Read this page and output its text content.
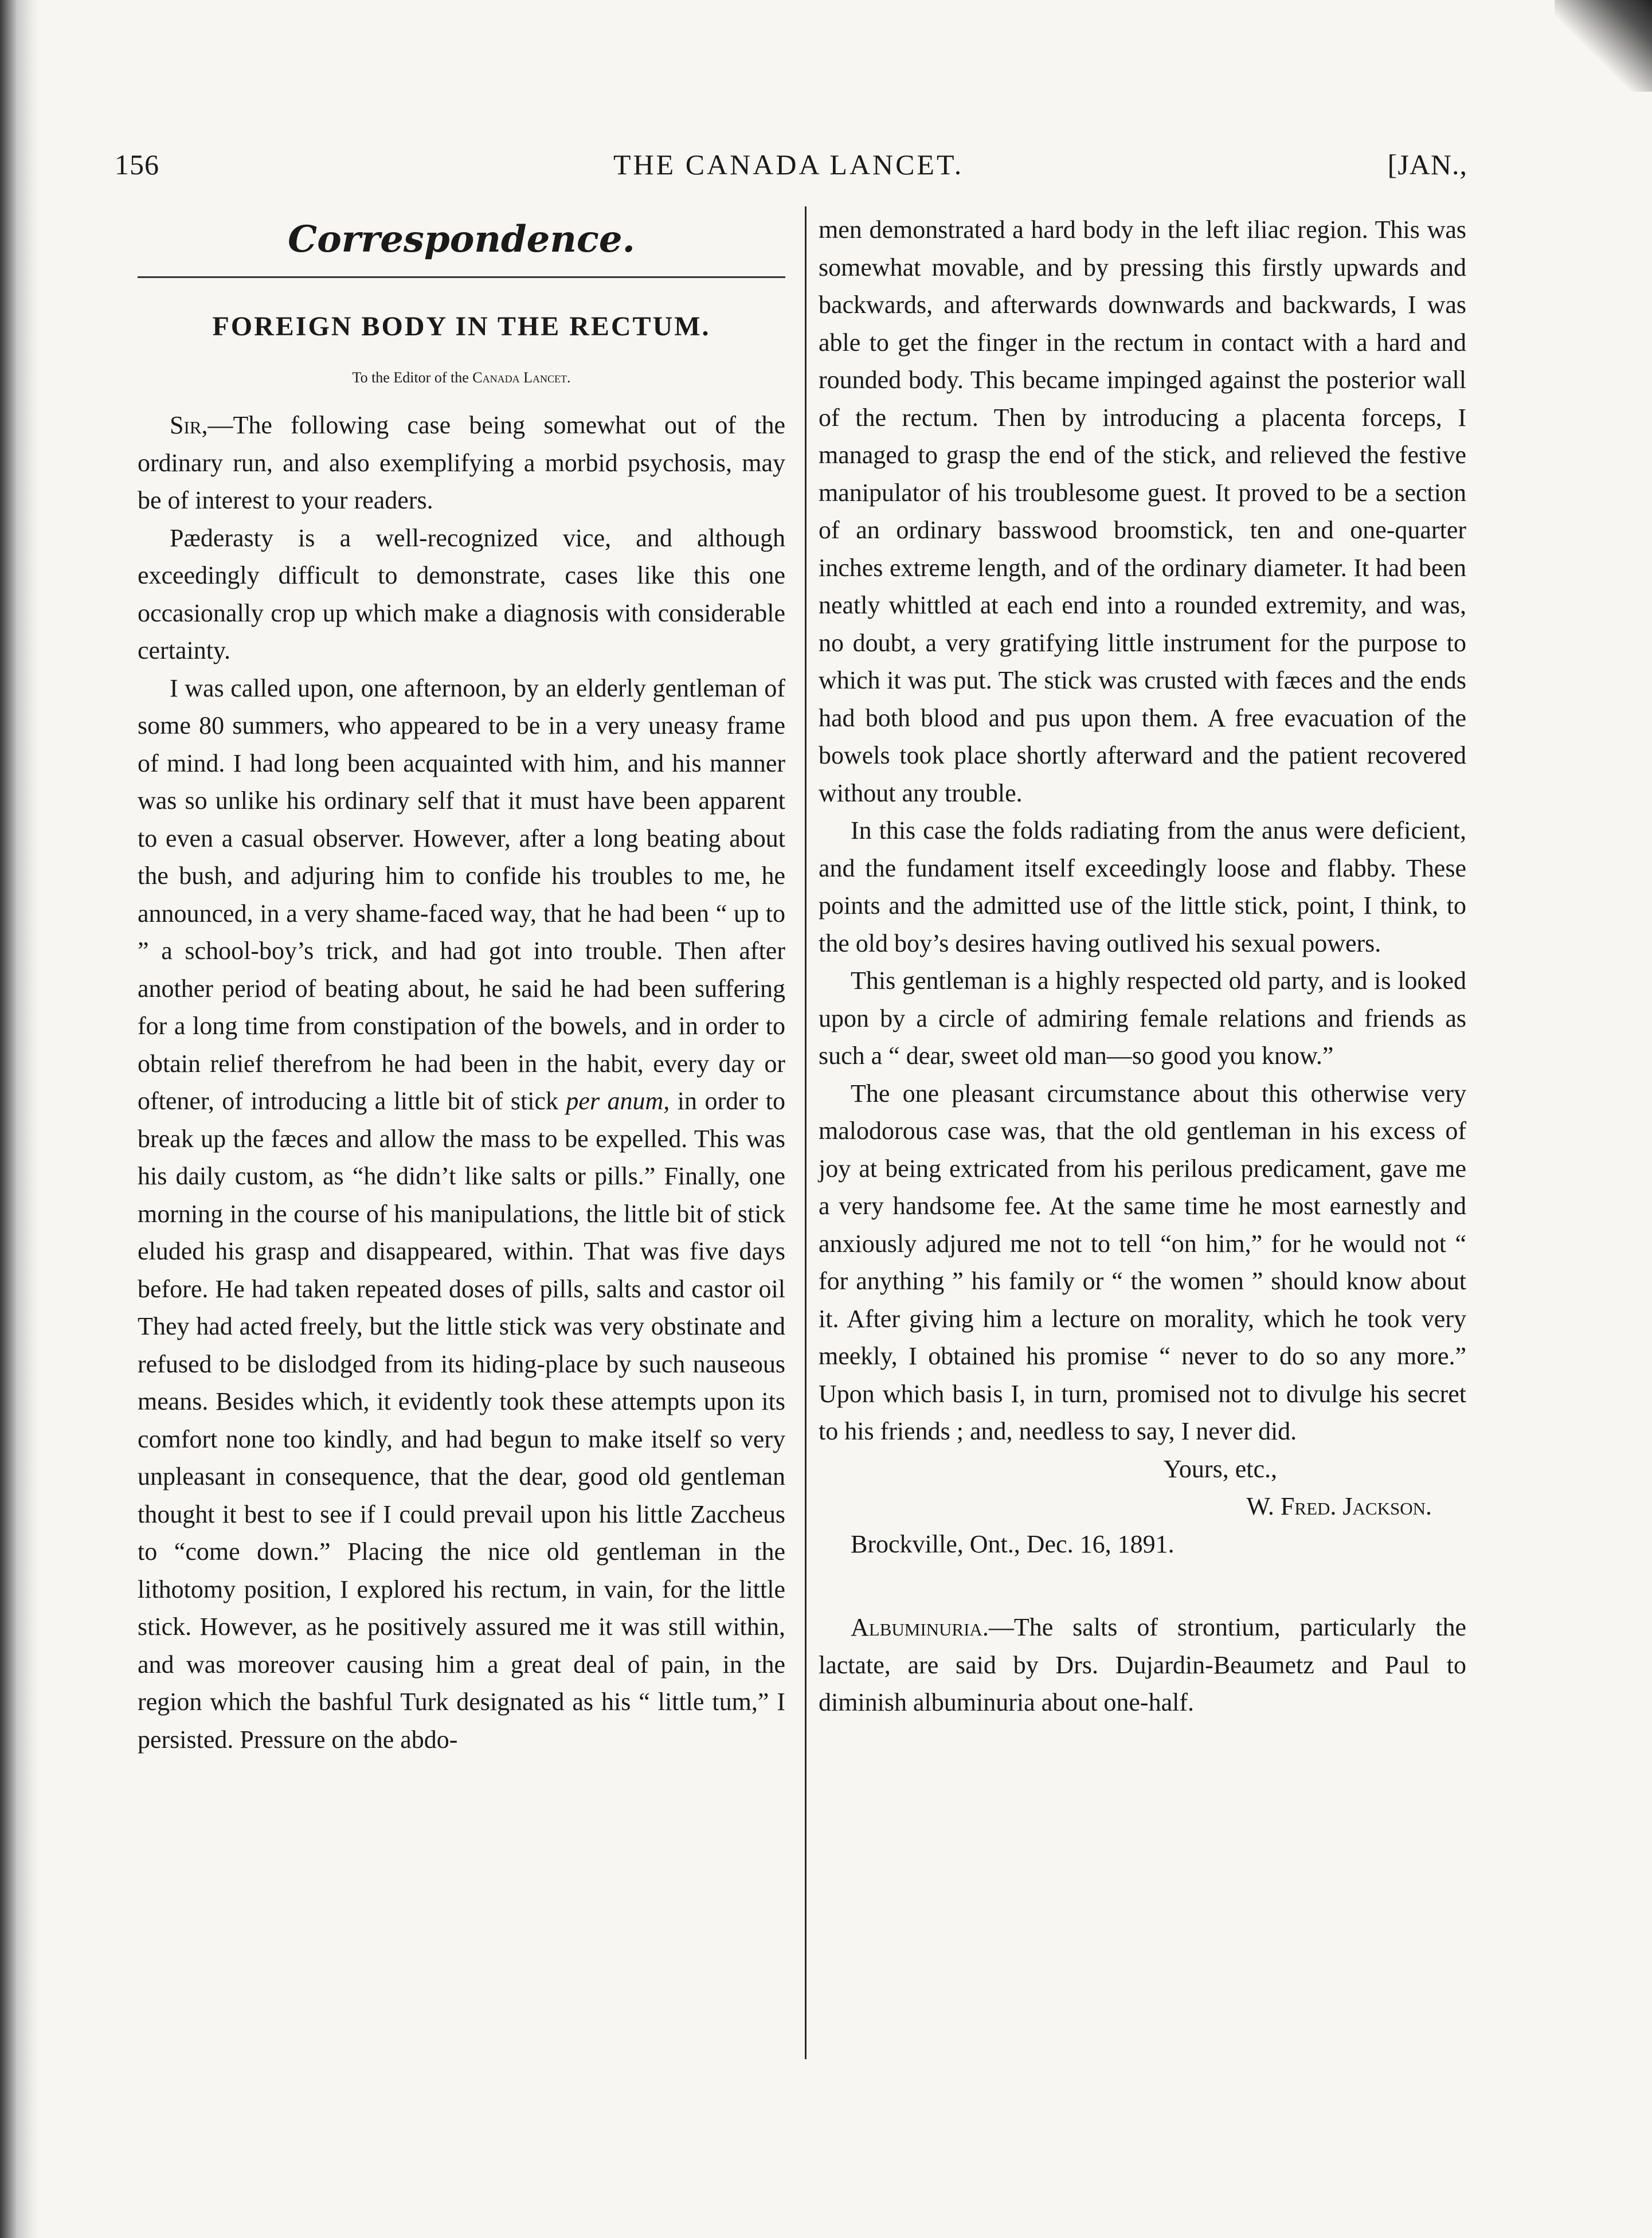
156	THE CANADA LANCET.	[JAN.,
Correspondence.
FOREIGN BODY IN THE RECTUM.
To the Editor of the Canada Lancet.

Sir,—The following case being somewhat out of the ordinary run, and also exemplifying a morbid psychosis, may be of interest to your readers.

Pæderasty is a well-recognized vice, and although exceedingly difficult to demonstrate, cases like this one occasionally crop up which make a diagnosis with considerable certainty.

I was called upon, one afternoon, by an elderly gentleman of some 80 summers, who appeared to be in a very uneasy frame of mind. I had long been acquainted with him, and his manner was so unlike his ordinary self that it must have been apparent to even a casual observer. However, after a long beating about the bush, and adjuring him to confide his troubles to me, he announced, in a very shame-faced way, that he had been “ up to ” a school-boy’s trick, and had got into trouble. Then after another period of beating about, he said he had been suffering for a long time from constipation of the bowels, and in order to obtain relief therefrom he had been in the habit, every day or oftener, of introducing a little bit of stick per anum, in order to break up the fæces and allow the mass to be expelled. This was his daily custom, as “he didn’t like salts or pills.” Finally, one morning in the course of his manipulations, the little bit of stick eluded his grasp and disappeared, within. That was five days before. He had taken repeated doses of pills, salts and castor oil They had acted freely, but the little stick was very obstinate and refused to be dislodged from its hiding-place by such nauseous means. Besides which, it evidently took these attempts upon its comfort none too kindly, and had begun to make itself so very unpleasant in consequence, that the dear, good old gentleman thought it best to see if I could prevail upon his little Zaccheus to “come down.” Placing the nice old gentleman in the lithotomy position, I explored his rectum, in vain, for the little stick. However, as he positively assured me it was still within, and was moreover causing him a great deal of pain, in the region which the bashful Turk designated as his “ little tum,” I persisted. Pressure on the abdo-

men demonstrated a hard body in the left iliac region. This was somewhat movable, and by pressing this firstly upwards and backwards, and afterwards downwards and backwards, I was able to get the finger in the rectum in contact with a hard and rounded body. This became impinged against the posterior wall of the rectum. Then by introducing a placenta forceps, I managed to grasp the end of the stick, and relieved the festive manipulator of his troublesome guest. It proved to be a section of an ordinary basswood broomstick, ten and one-quarter inches extreme length, and of the ordinary diameter. It had been neatly whittled at each end into a rounded extremity, and was, no doubt, a very gratifying little instrument for the purpose to which it was put. The stick was crusted with fæces and the ends had both blood and pus upon them. A free evacuation of the bowels took place shortly afterward and the patient recovered without any trouble.

In this case the folds radiating from the anus were deficient, and the fundament itself exceedingly loose and flabby. These points and the admitted use of the little stick, point, I think, to the old boy’s desires having outlived his sexual powers.

This gentleman is a highly respected old party, and is looked upon by a circle of admiring female relations and friends as such a “ dear, sweet old man—so good you know.”

The one pleasant circumstance about this otherwise very malodorous case was, that the old gentleman in his excess of joy at being extricated from his perilous predicament, gave me a very handsome fee. At the same time he most earnestly and anxiously adjured me not to tell “on him,” for he would not “ for anything ” his family or “ the women ” should know about it. After giving him a lecture on morality, which he took very meekly, I obtained his promise “ never to do so any more.” Upon which basis I, in turn, promised not to divulge his secret to his friends ; and, needless to say, I never did.

Yours, etc.,

W. Fred. Jackson.

Brockville, Ont., Dec. 16, 1891.

Albuminuria.—The salts of strontium, particularly the lactate, are said by Drs. Dujardin-Beaumetz and Paul to diminish albuminuria about one-half.
